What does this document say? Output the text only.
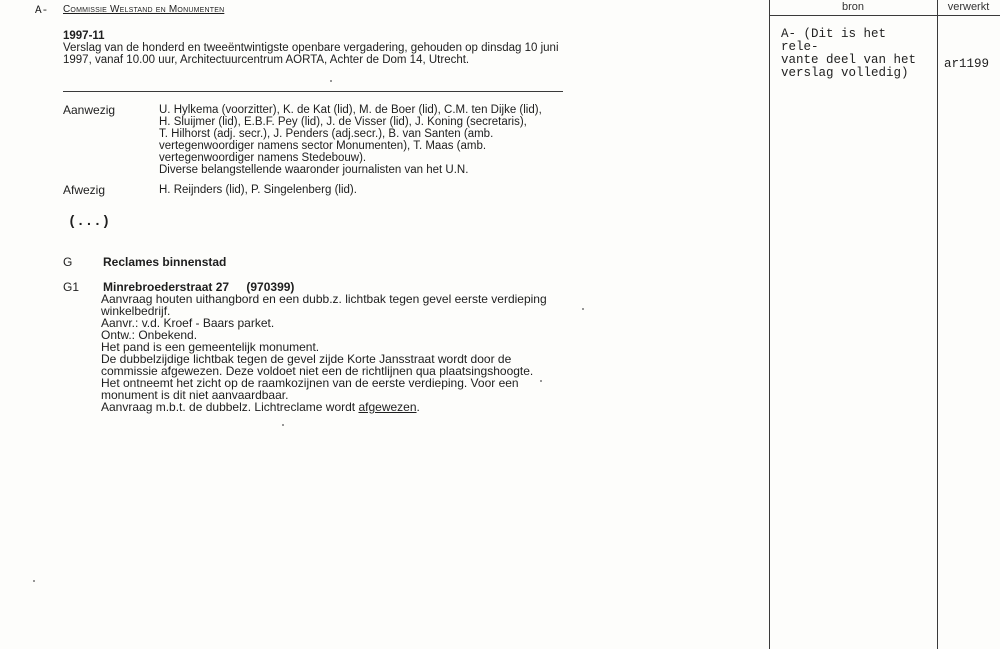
bron	verwerkt
A- (Dit is het rele-
vante deel van het
verslag volledig)
ar1199
A- Commissie Welstand en Monumenten
1997-11
Verslag van de honderd en tweeëntwintigste openbare vergadering, gehouden op dinsdag 10 juni
1997, vanaf 10.00 uur, Architectuurcentrum AORTA, Achter de Dom 14, Utrecht.
Aanwezig	U. Hylkema (voorzitter), K. de Kat (lid), M. de Boer (lid), C.M. ten Dijke (lid),
H. Sluijmer (lid), E.B.F. Pey (lid), J. de Visser (lid), J. Koning (secretaris),
T. Hilhorst (adj. secr.), J. Penders (adj.secr.), B. van Santen (amb.
vertegenwoordiger namens sector Monumenten), T. Maas (amb.
vertegenwoordiger namens Stedebouw).
Diverse belangstellende waaronder journalisten van het U.N.
Afwezig	H. Reijnders (lid), P. Singelenberg (lid).
(...)
G	Reclames binnenstad
G1 Minrebroederstraat 27 (970399)
Aanvraag houten uithangbord en een dubb.z. lichtbak tegen gevel eerste verdieping
winkelbedrijf.
Aanvr.: v.d. Kroef - Baars parket.
Ontw.: Onbekend.
Het pand is een gemeentelijk monument.
De dubbelzijdige lichtbak tegen de gevel zijde Korte Jansstraat wordt door de
commissie afgewezen. Deze voldoet niet een de richtlijnen qua plaatsingshoogte.
Het ontneemt het zicht op de raamkozijnen van de eerste verdieping. Voor een
monument is dit niet aanvaardbaar.
Aanvraag m.b.t. de dubbelz. Lichtreclame wordt afgewezen.
